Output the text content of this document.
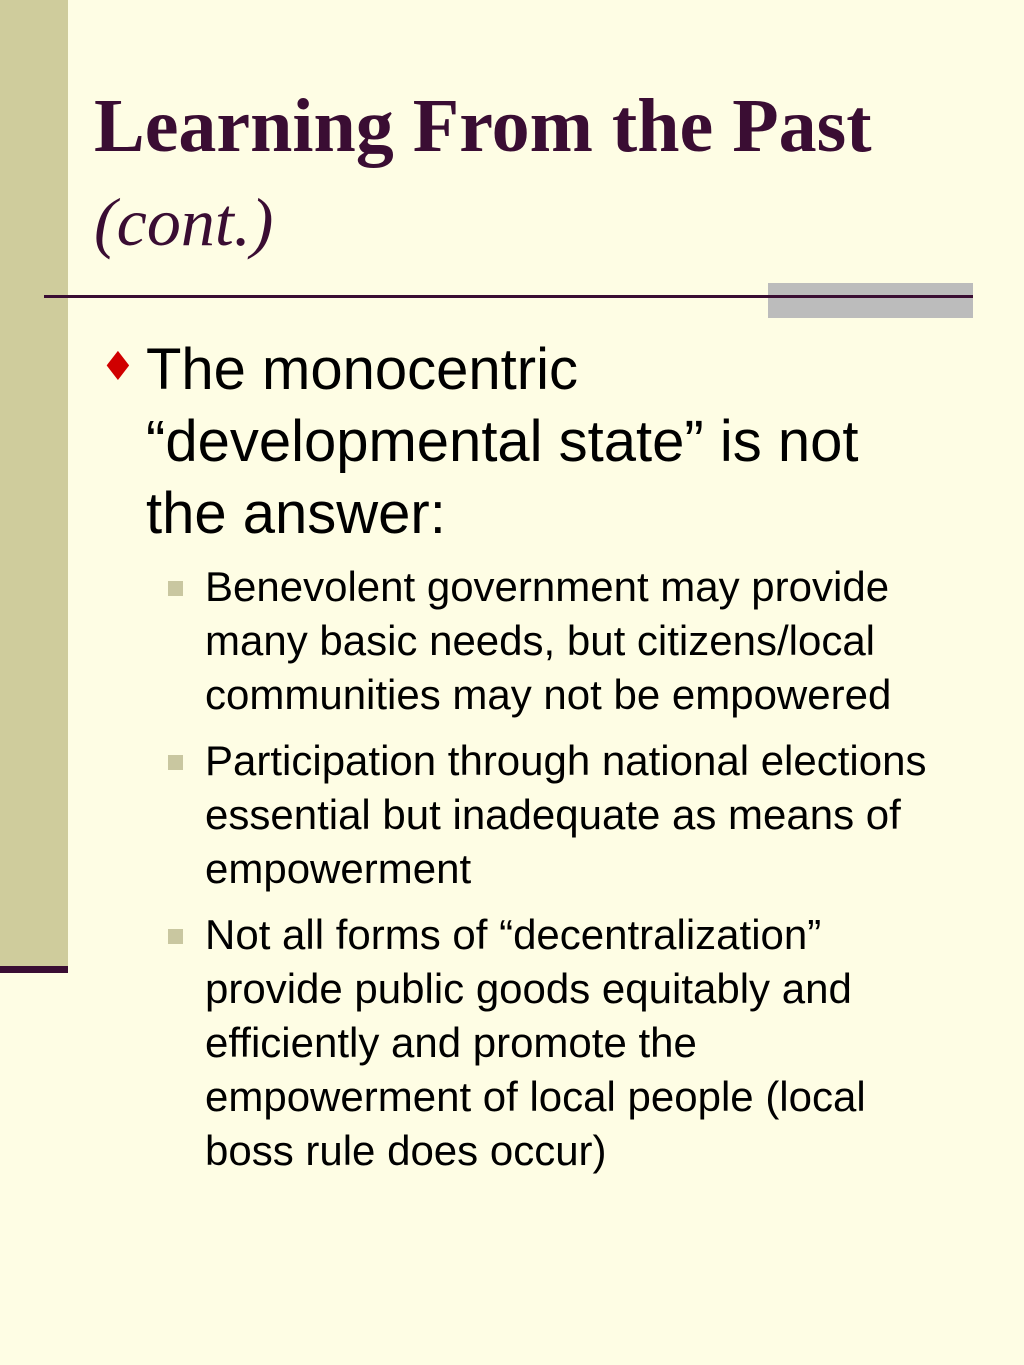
Learning From the Past
(cont.)
♦ The monocentric “developmental state” is not the answer:

Benevolent government may provide many basic needs, but citizens/local communities may not be empowered
Participation through national elections essential but inadequate as means of empowerment
Not all forms of “decentralization” provide public goods equitably and efficiently and promote the empowerment of local people (local boss rule does occur)
